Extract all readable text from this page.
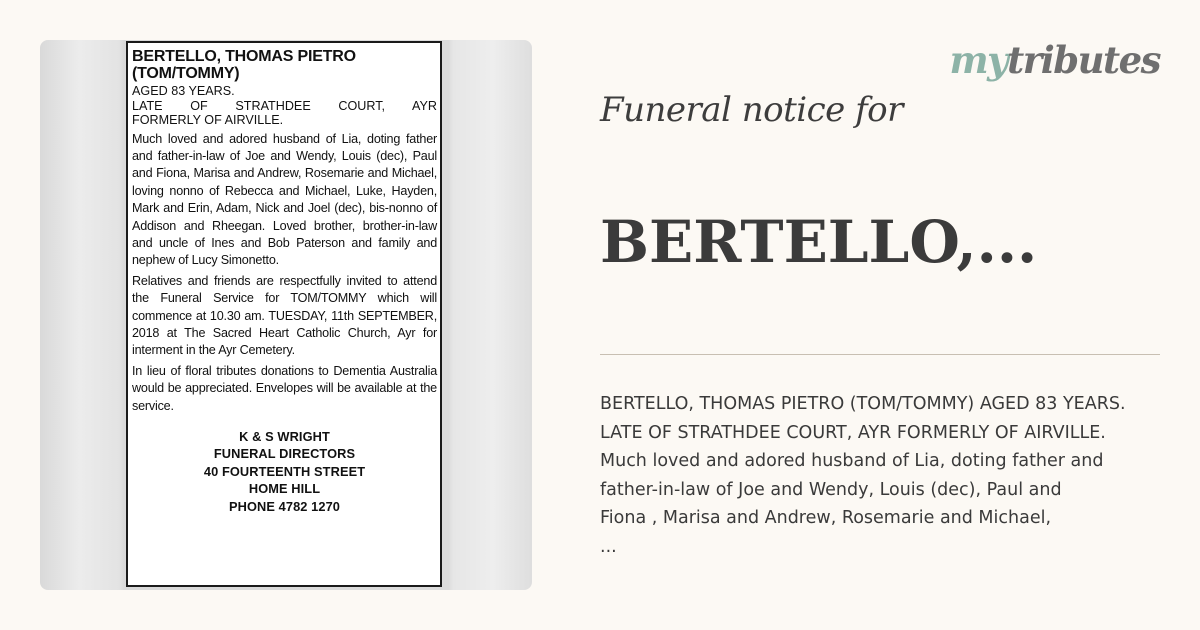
BERTELLO, THOMAS PIETRO
(TOM/TOMMY)
AGED 83 YEARS.
LATE OF STRATHDEE COURT, AYR
FORMERLY OF AIRVILLE.
Much loved and adored husband of Lia, doting father and father-in-law of Joe and Wendy, Louis (dec), Paul and Fiona, Marisa and Andrew, Rosemarie and Michael, loving nonno of Rebecca and Michael, Luke, Hayden, Mark and Erin, Adam, Nick and Joel (dec), bis-nonno of Addison and Rheegan. Loved brother, brother-in-law and uncle of Ines and Bob Paterson and family and nephew of Lucy Simonetto.
Relatives and friends are respectfully invited to attend the Funeral Service for TOM/TOMMY which will commence at 10.30 am. TUESDAY, 11th SEPTEMBER, 2018 at The Sacred Heart Catholic Church, Ayr for interment in the Ayr Cemetery.
In lieu of floral tributes donations to Dementia Australia would be appreciated. Envelopes will be available at the service.
K & S WRIGHT
FUNERAL DIRECTORS
40 FOURTEENTH STREET
HOME HILL
PHONE 4782 1270
mytributes
Funeral notice for
BERTELLO,...
BERTELLO, THOMAS PIETRO (TOM/TOMMY) AGED 83 YEARS.
LATE OF STRATHDEE COURT, AYR FORMERLY OF AIRVILLE.
Much loved and adored husband of Lia, doting father and
father-in-law of Joe and Wendy, Louis (dec), Paul and
Fiona , Marisa and Andrew, Rosemarie and Michael,
...
